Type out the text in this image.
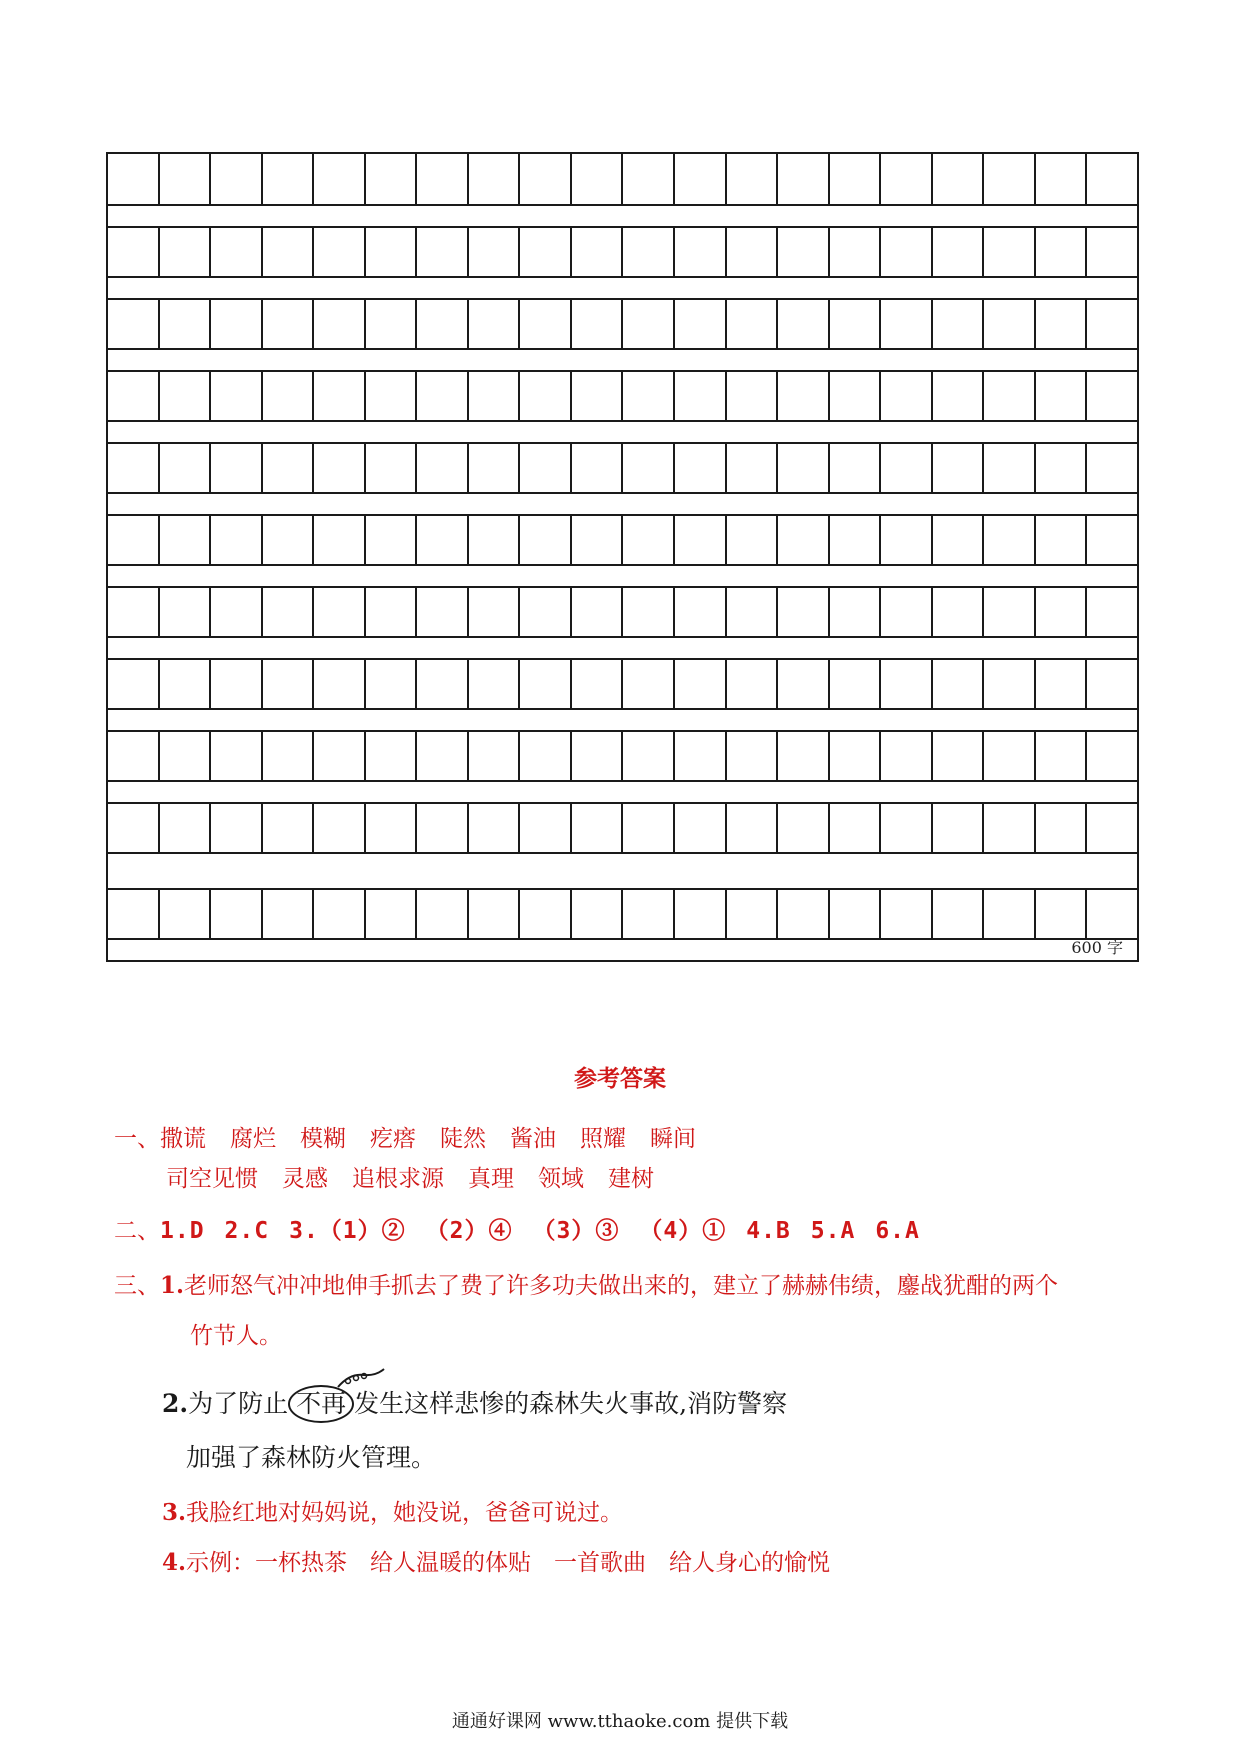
600 字
参考答案
一、撒谎 腐烂 模糊 疙瘩 陡然 酱油 照耀 瞬间
司空见惯 灵感 追根求源 真理 领域 建树
二、1.D 2.C 3.（1）② （2）④ （3）③ （4）① 4.B 5.A 6.A
三、1.老师怒气冲冲地伸手抓去了费了许多功夫做出来的，建立了赫赫伟绩，鏖战犹酣的两个
竹节人。
2.为了防止 不再 发生这样悲惨的森林失火事故,消防警察
加强了森林防火管理。
3.我脸红地对妈妈说，她没说，爸爸可说过。
4.示例：一杯热茶　给人温暖的体贴　一首歌曲　给人身心的愉悦
通通好课网 www.tthaoke.com 提供下载
